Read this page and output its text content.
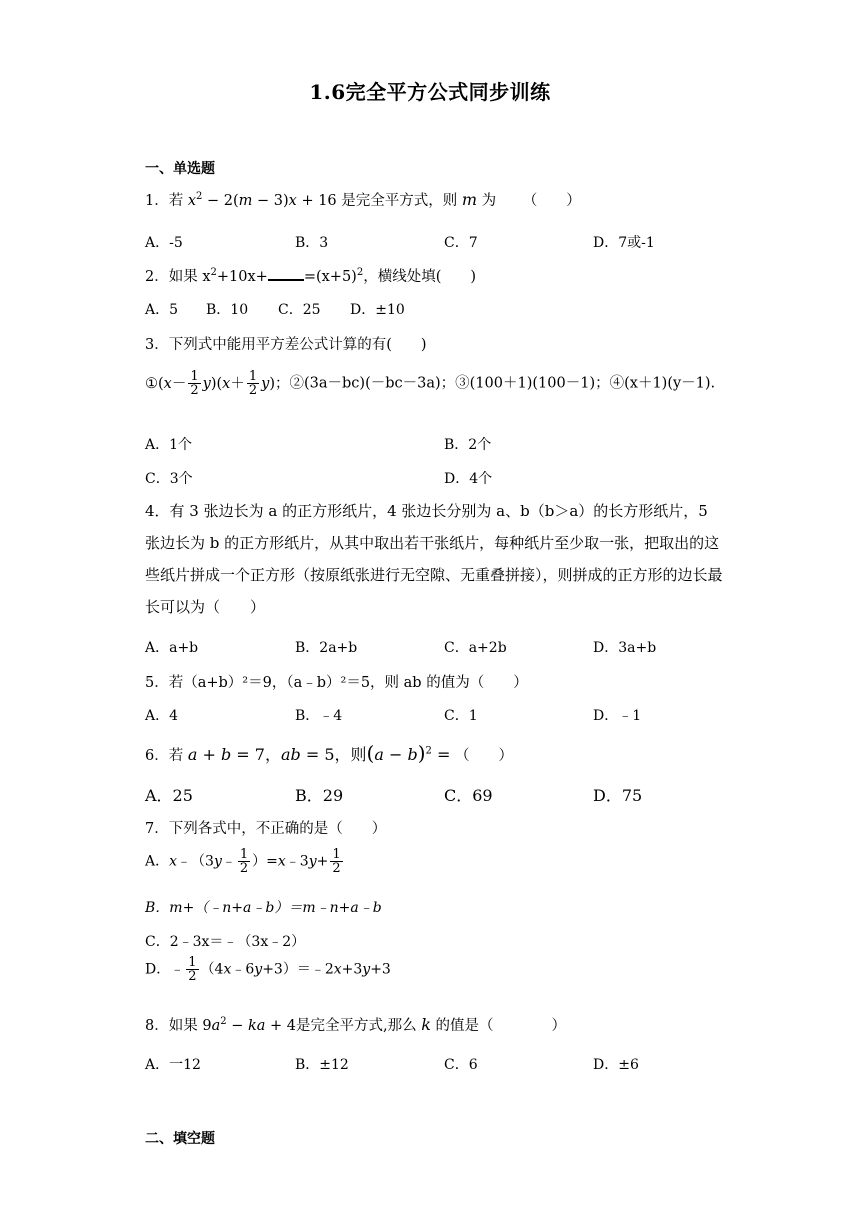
1.6完全平方公式同步训练
一、单选题
1．若 $x^2 - 2(m - 3)x + 16$ 是完全平方式，则 m 为 （　　）
A．-5	B．3	C．7	D．7或-1
2．如果 $x^2+10x+ =(x+5)^2$，横线处填(　　)
A．5 B．10 C．25 D．±10
3．下列式中能用平方差公式计算的有(　　)
①(x－ $\frac{1}{2} y)(x+ \frac{1}{2} y)$；②(3a－bc)(－bc－3a)；③(100＋1)(100－1)；④(x＋1)(y－1).
A．1个	B．2个
C．3个	D．4个
4．有 3 张边长为 a 的正方形纸片，4 张边长分别为 a、b（b＞a）的长方形纸片，5 张边长为 b 的正方形纸片，从其中取出若干张纸片，每种纸片至少取一张，把取出的这些纸片拼成一个正方形（按原纸张进行无空隙、无重叠拼接），则拼成的正方形的边长最长可以为（　　）
A．a+b	B．2a+b	C．a+2b	D．3a+b
5．若（a+b）²＝9，（a﹣b）²＝5，则 ab 的值为（　　）
A．4	B．﹣4	C．1	D．﹣1
6．若 a + b = 7，ab = 5，则$(a - b)^2$ = （　　）
A．25	B．29	C．69	D．75
7．下列各式中，不正确的是（　　）
A．x﹣（3y﹣ $\frac{1}{2}$ ）=x﹣3y+ $\frac{1}{2}$
B．m+（﹣n+a﹣b）＝m﹣n+a﹣b
C．2﹣3x＝﹣（3x﹣2）
D．﹣ $\frac{1}{2}$ （4x﹣6y+3）＝﹣2x+3y+3
8．如果 $9a^2$ − ka + 4是完全平方式,那么 k 的值是（　　　　）
A．一12	B．±12	C．6	D．±6
二、填空题
